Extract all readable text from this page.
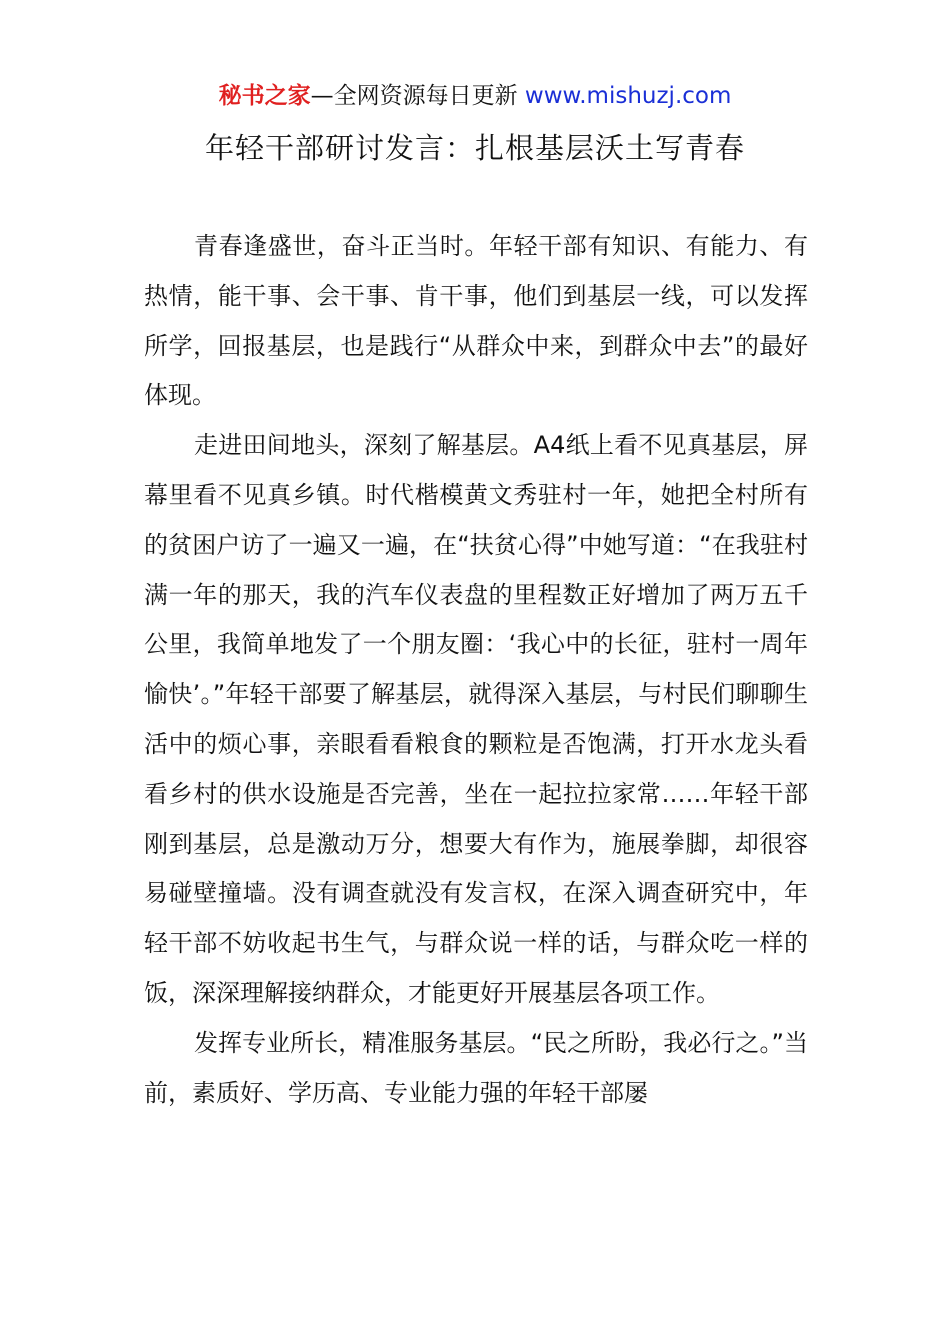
秘书之家—全网资源每日更新 www.mishuzj.com
年轻干部研讨发言：扎根基层沃土写青春

青春逢盛世，奋斗正当时。年轻干部有知识、有能力、有热情，能干事、会干事、肯干事，他们到基层一线，可以发挥所学，回报基层，也是践行“从群众中来，到群众中去”的最好体现。

走进田间地头，深刻了解基层。A4纸上看不见真基层，屏幕里看不见真乡镇。时代楷模黄文秀驻村一年，她把全村所有的贫困户访了一遍又一遍，在“扶贫心得”中她写道：“在我驻村满一年的那天，我的汽车仪表盘的里程数正好增加了两万五千公里，我简单地发了一个朋友圈：‘我心中的长征，驻村一周年愉快’。”年轻干部要了解基层，就得深入基层，与村民们聊聊生活中的烦心事，亲眼看看粮食的颗粒是否饱满，打开水龙头看看乡村的供水设施是否完善，坐在一起拉拉家常……年轻干部刚到基层，总是激动万分，想要大有作为，施展拳脚，却很容易碰壁撞墙。没有调查就没有发言权，在深入调查研究中，年轻干部不妨收起书生气，与群众说一样的话，与群众吃一样的饭，深深理解接纳群众，才能更好开展基层各项工作。

发挥专业所长，精准服务基层。“民之所盼，我必行之。”当前，素质好、学历高、专业能力强的年轻干部屡
